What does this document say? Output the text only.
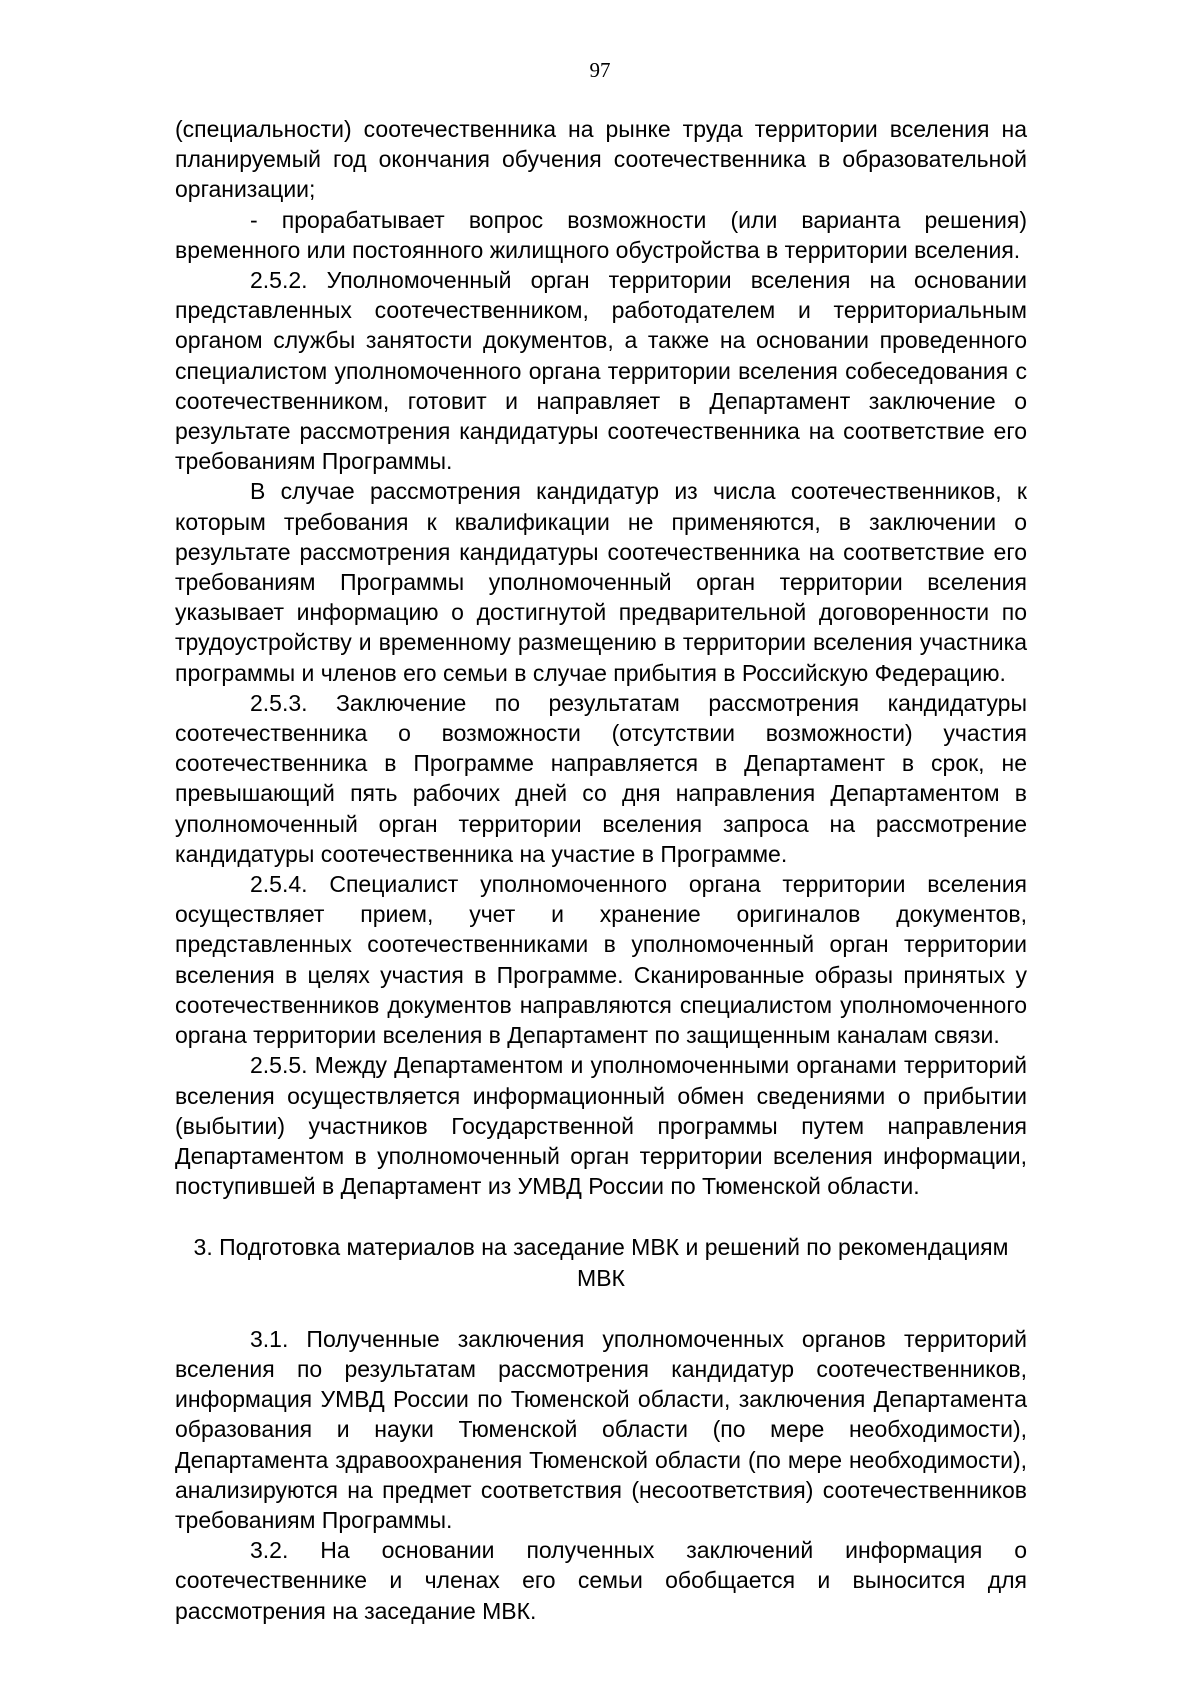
97

(специальности) соотечественника на рынке труда территории вселения на планируемый год окончания обучения соотечественника в образовательной организации;

- прорабатывает вопрос возможности (или варианта решения) временного или постоянного жилищного обустройства в территории вселения.

2.5.2. Уполномоченный орган территории вселения на основании представленных соотечественником, работодателем и территориальным органом службы занятости документов, а также на основании проведенного специалистом уполномоченного органа территории вселения собеседования с соотечественником, готовит и направляет в Департамент заключение о результате рассмотрения кандидатуры соотечественника на соответствие его требованиям Программы.

В случае рассмотрения кандидатур из числа соотечественников, к которым требования к квалификации не применяются, в заключении о результате рассмотрения кандидатуры соотечественника на соответствие его требованиям Программы уполномоченный орган территории вселения указывает информацию о достигнутой предварительной договоренности по трудоустройству и временному размещению в территории вселения участника программы и членов его семьи в случае прибытия в Российскую Федерацию.

2.5.3. Заключение по результатам рассмотрения кандидатуры соотечественника о возможности (отсутствии возможности) участия соотечественника в Программе направляется в Департамент в срок, не превышающий пять рабочих дней со дня направления Департаментом в уполномоченный орган территории вселения запроса на рассмотрение кандидатуры соотечественника на участие в Программе.

2.5.4. Специалист уполномоченного органа территории вселения осуществляет прием, учет и хранение оригиналов документов, представленных соотечественниками в уполномоченный орган территории вселения в целях участия в Программе. Сканированные образы принятых у соотечественников документов направляются специалистом уполномоченного органа территории вселения в Департамент по защищенным каналам связи.

2.5.5. Между Департаментом и уполномоченными органами территорий вселения осуществляется информационный обмен сведениями о прибытии (выбытии) участников Государственной программы путем направления Департаментом в уполномоченный орган территории вселения информации, поступившей в Департамент из УМВД России по Тюменской области.

3. Подготовка материалов на заседание МВК и решений по рекомендациям МВК

3.1. Полученные заключения уполномоченных органов территорий вселения по результатам рассмотрения кандидатур соотечественников, информация УМВД России по Тюменской области, заключения Департамента образования и науки Тюменской области (по мере необходимости), Департамента здравоохранения Тюменской области (по мере необходимости), анализируются на предмет соответствия (несоответствия) соотечественников требованиям Программы.

3.2. На основании полученных заключений информация о соотечественнике и членах его семьи обобщается и выносится для рассмотрения на заседание МВК.
